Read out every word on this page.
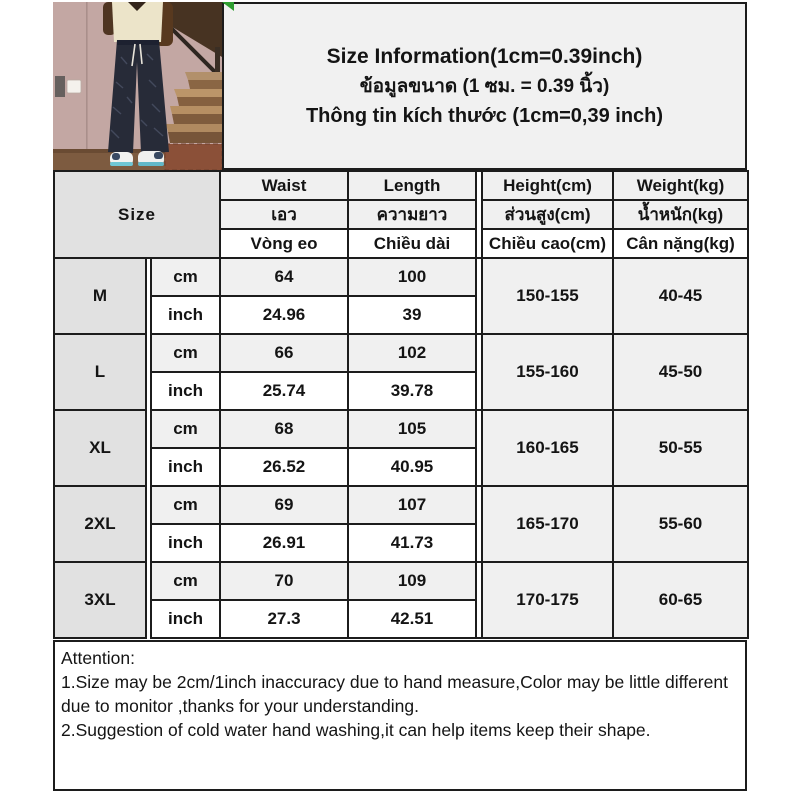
Size Information(1cm=0.39inch)
ข้อมูลขนาด (1 ซม. = 0.39 นิ้ว)
Thông tin kích thước (1cm=0,39 inch)
Size			Waist	Length		Height(cm)	Weight(kg)
			เอว	ความยาว		ส่วนสูง(cm)	น้ำหนัก(kg)
			Vòng eo	Chiều dài		Chiều cao(cm)	Cân nặng(kg)
M		cm	64	100		150-155	40-45
		inch	24.96	39			
L		cm	66	102		155-160	45-50
		inch	25.74	39.78			
XL		cm	68	105		160-165	50-55
		inch	26.52	40.95			
2XL		cm	69	107		165-170	55-60
		inch	26.91	41.73			
3XL		cm	70	109		170-175	60-65
		inch	27.3	42.51			
Attention:
1.Size may be 2cm/1inch inaccuracy due to hand measure,Color may be little different due to monitor ,thanks for your understanding.
2.Suggestion of cold water hand washing,it can help items keep their shape.
